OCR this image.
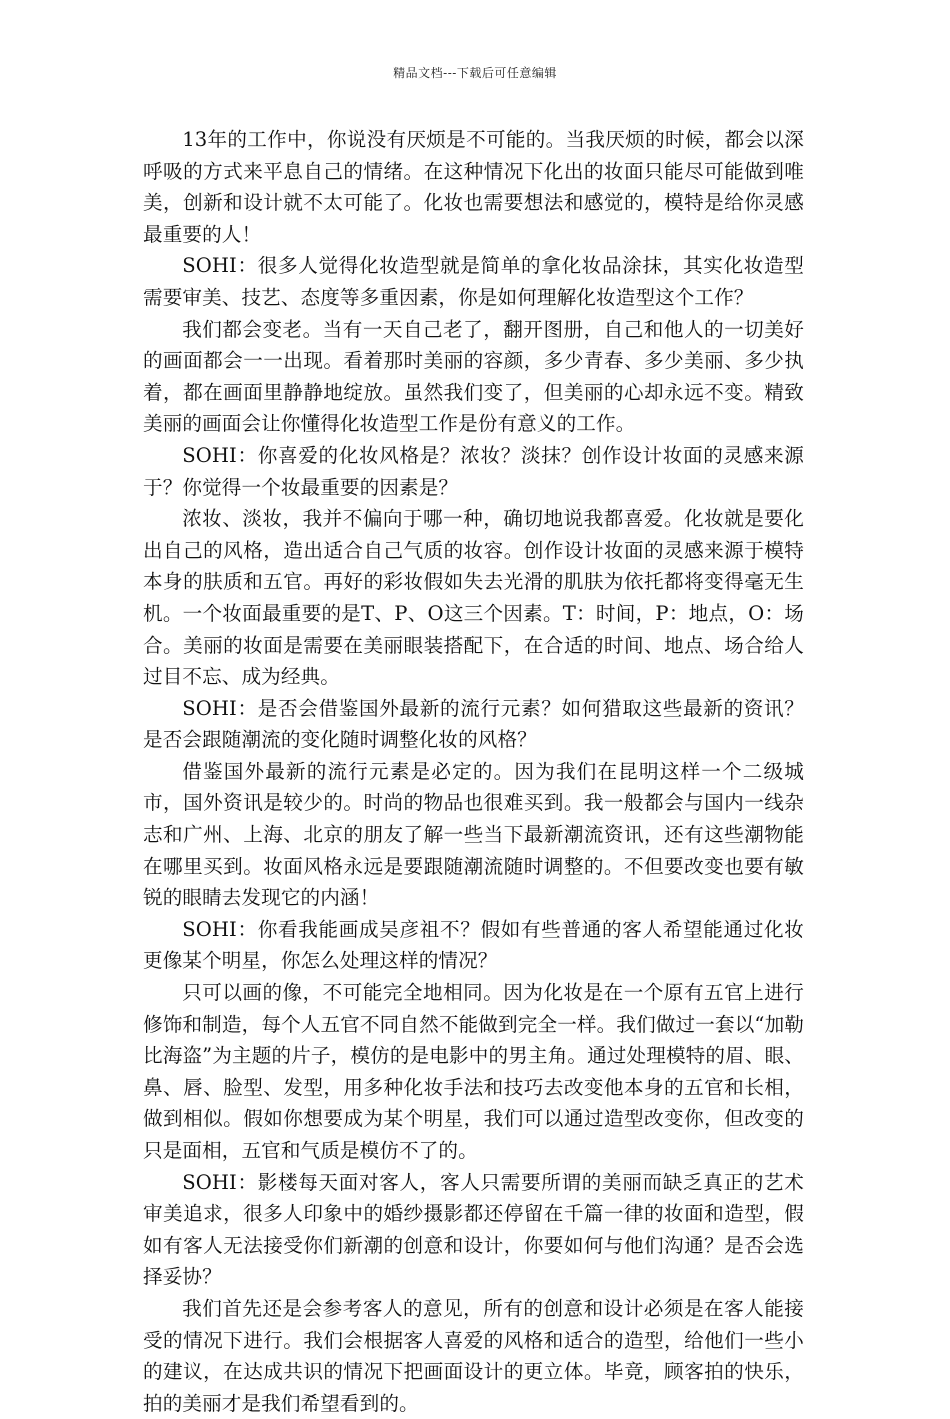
精品文档---下载后可任意编辑

13年的工作中，你说没有厌烦是不可能的。当我厌烦的时候，都会以深呼吸的方式来平息自己的情绪。在这种情况下化出的妆面只能尽可能做到唯美，创新和设计就不太可能了。化妆也需要想法和感觉的，模特是给你灵感最重要的人！

SOHI：很多人觉得化妆造型就是简单的拿化妆品涂抹，其实化妆造型需要审美、技艺、态度等多重因素，你是如何理解化妆造型这个工作？

我们都会变老。当有一天自己老了，翻开图册，自己和他人的一切美好的画面都会一一出现。看着那时美丽的容颜，多少青春、多少美丽、多少执着，都在画面里静静地绽放。虽然我们变了，但美丽的心却永远不变。精致美丽的画面会让你懂得化妆造型工作是份有意义的工作。

SOHI：你喜爱的化妆风格是？浓妆？淡抹？创作设计妆面的灵感来源于？你觉得一个妆最重要的因素是？

浓妆、淡妆，我并不偏向于哪一种，确切地说我都喜爱。化妆就是要化出自己的风格，造出适合自己气质的妆容。创作设计妆面的灵感来源于模特本身的肤质和五官。再好的彩妆假如失去光滑的肌肤为依托都将变得毫无生机。一个妆面最重要的是T、P、O这三个因素。T：时间，P：地点，O：场合。美丽的妆面是需要在美丽眼装搭配下，在合适的时间、地点、场合给人过目不忘、成为经典。

SOHI：是否会借鉴国外最新的流行元素？如何猎取这些最新的资讯？是否会跟随潮流的变化随时调整化妆的风格？

借鉴国外最新的流行元素是必定的。因为我们在昆明这样一个二级城市，国外资讯是较少的。时尚的物品也很难买到。我一般都会与国内一线杂志和广州、上海、北京的朋友了解一些当下最新潮流资讯，还有这些潮物能在哪里买到。妆面风格永远是要跟随潮流随时调整的。不但要改变也要有敏锐的眼睛去发现它的内涵！

SOHI：你看我能画成吴彦祖不？假如有些普通的客人希望能通过化妆更像某个明星，你怎么处理这样的情况？

只可以画的像，不可能完全地相同。因为化妆是在一个原有五官上进行修饰和制造，每个人五官不同自然不能做到完全一样。我们做过一套以“加勒比海盗”为主题的片子，模仿的是电影中的男主角。通过处理模特的眉、眼、鼻、唇、脸型、发型，用多种化妆手法和技巧去改变他本身的五官和长相，做到相似。假如你想要成为某个明星，我们可以通过造型改变你，但改变的只是面相，五官和气质是模仿不了的。

SOHI：影楼每天面对客人，客人只需要所谓的美丽而缺乏真正的艺术审美追求，很多人印象中的婚纱摄影都还停留在千篇一律的妆面和造型，假如有客人无法接受你们新潮的创意和设计，你要如何与他们沟通？是否会选择妥协？

我们首先还是会参考客人的意见，所有的创意和设计必须是在客人能接受的情况下进行。我们会根据客人喜爱的风格和适合的造型，给他们一些小的建议，在达成共识的情况下把画面设计的更立体。毕竟，顾客拍的快乐，拍的美丽才是我们希望看到的。
